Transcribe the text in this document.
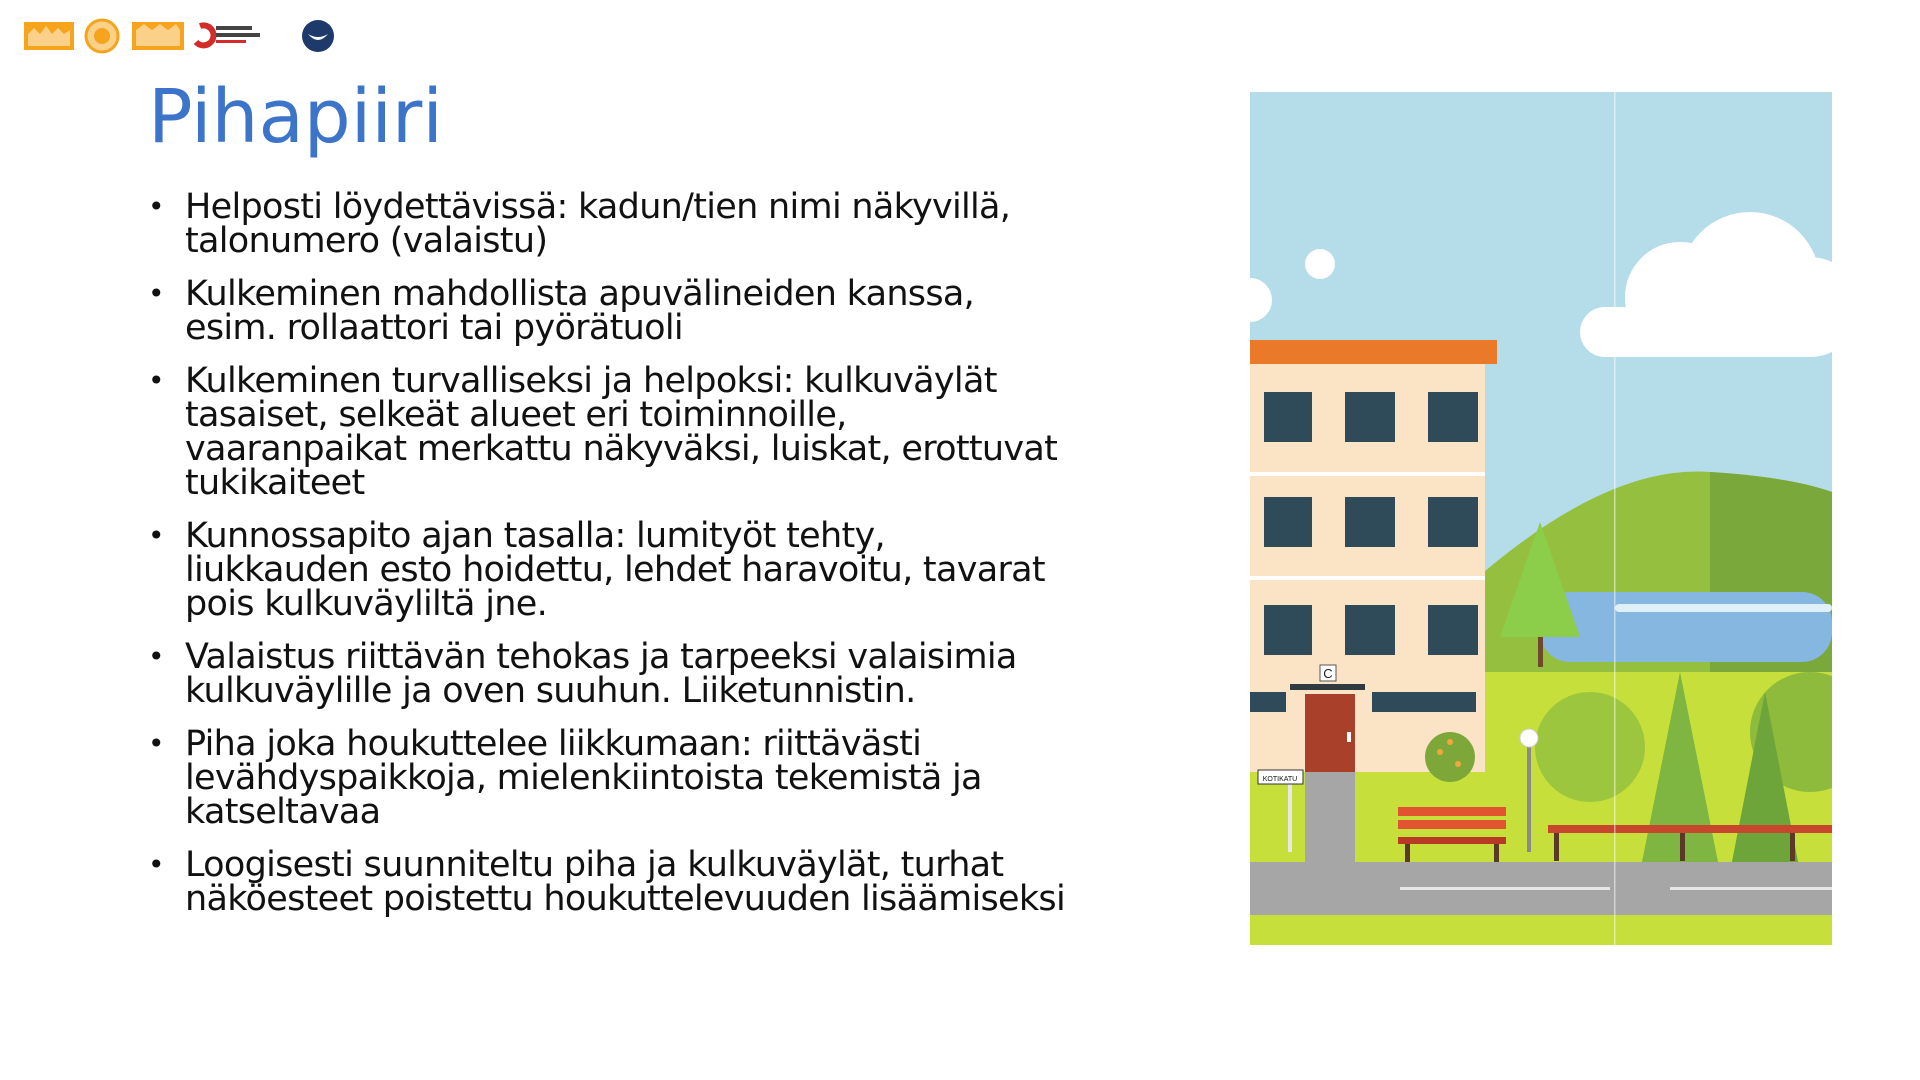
Pihapiiri
• Helposti löydettävissä: kadun/tien nimi näkyvillä, talonumero (valaistu)
• Kulkeminen mahdollista apuvälineiden kanssa, esim. rollaattori tai pyörätuoli
• Kulkeminen turvalliseksi ja helpoksi: kulkuväylät tasaiset, selkeät alueet eri toiminnoille, vaaranpaikat merkattu näkyväksi, luiskat, erottuvat tukikaiteet
• Kunnossapito ajan tasalla: lumityöt tehty, liukkauden esto hoidettu, lehdet haravoitu, tavarat pois kulkuväyliltä jne.
• Valaistus riittävän tehokas ja tarpeeksi valaisimia kulkuväylille ja oven suuhun. Liiketunnistin.
• Piha joka houkuttelee liikkumaan: riittävästi levähdyspaikkoja, mielenkiintoista tekemistä ja katseltavaa
• Loogisesti suunniteltu piha ja kulkuväylät, turhat näköesteet poistettu houkuttelevuuden lisäämiseksi
C
KOTIKATU
